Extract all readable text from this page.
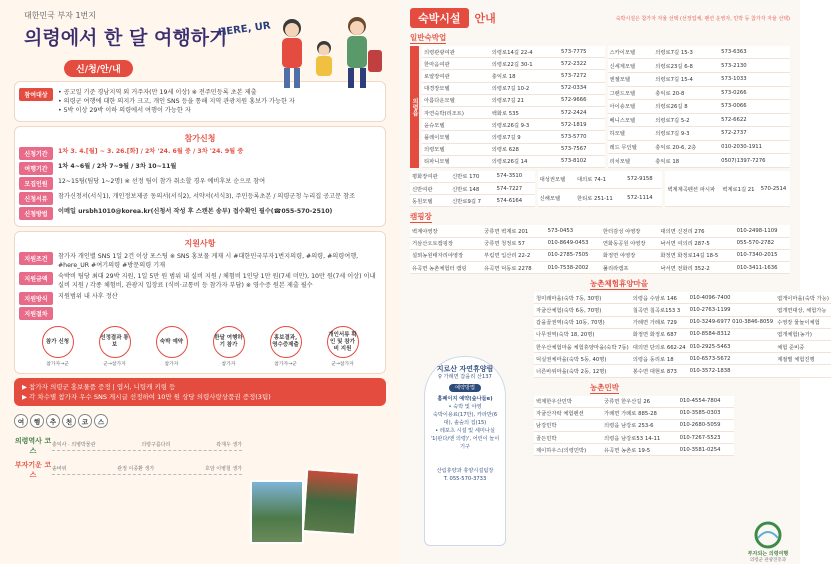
대한민국 부자 1번지
의령에서 한 달 여행하기
HERE, UR
신/청/안/내
참여대상	• 공고일 기준 경남지역 외 거주자(만 19세 이상) ※ 전주민등록 초본 제출
• 의령군 여행에 대한 의지가 크고, 개인 SNS 등을 통해 지역 관광지원 홍보가 가능한 자
• 5박 이상 29박 이하 의령에서 여행이 가능한 자
참가신청
신청기간	1차 3. 4.[월] ~ 3. 26.[화] / 2차 '24. 6월 중 / 3차 '24. 9월 중
여행기간	1차 4~6월 / 2차 7~9월 / 3차 10~11월
모집인원	12~15팀(팀당 1~2명) ※ 선정 팀이 참가 취소할 경우 예비후보 순으로 참여
신청서류	참가신청서(서식1), 개인정보제공 동의서(서식2), 서약서(서식3), 주민등록초본 / 의령군청 누리집 공고문 참조
신청방법	이메일 ursbh1010@korea.kr(신청서 작성 후 스캔본 송부) 접수확인 필수(☎055-570-2510)
지원사항
지원조건	참가자 개인별 SNS 1일 2건 이상 포스팅 ※ SNS 홍보물 게재 시 #대한민국부자1번지의령, #의령, #의령여행, #here_UR #여기의령 #방문의령 기재
지원금액	숙박비 팀당 최대 29박 지원, 1일 5만 원 범위 내 실비 지원 / 체험비 1인당 1만 원(7세 미만), 10만 원(7세 이상) 이내 실비 지원 / 각종 체험비, 관광지 입장료 (식비·교통비 등 참가자 부담) ※ 영수증 원본 제출 필수
지원방식	지원범위 내 사후 정산
지원절차
참가 신청
참가자→군
선정결과 통보
군→참가자
숙박 예약
참가자
한달 여행하기 참가
참가자
홍보결과, 영수증제출
참가자→군
개인서류 확인 및 참가비 지원
군→참가자
▶ 참가자 의령군 홍보물품 증정 | 엽서, 니팅캐 키링 등
▶ 각 차수별 참가자 우수 SNS 게시글 선정하여 10만 원 상당 의령사랑상품권 증정(3팀)
여	행	추	천	코	스
의령역사 코스
충익사 · 의병박물관	의령구름다리	곽재우 생가
부자기운 코스
솥바위	관정 이종환 생가	호암 이병철 생가
숙박시설	안내	숙박시설은 참가자 자율 선택 (선정업체, 펜션 운영자, 민박 등 참가자 자율 선택)
일반숙박업
의령읍
의령관광여관	의령로14길 22-4	573-7775
한마음여관	의령로22길 30-1	572-2322
로얄장여관	충익로 18	573-7272
대경장모텔	의령로7길 10-2	572-0334
아름다운모텔	의령로7길 21	572-9666
자연숙박(리조트)	백화로 535	572-2424
윤슈모텔	의령로26길 9-3	572-1819
플레이모텔	의령로7길 9	573-5770
의령모텔	의령로 628	573-7567
티파니모텔	의령로26길 14	573-8102
스카이모텔	의령로7길 15-3	573-6363
신세계모텔	의령로23길 6-8	573-2130
엔젤모텔	의령로7길 15-4	573-1033
그랜드모텔	충익로 20-8	573-0266
아이숑모텔	의령로26길 8	573-0066
베니스모텔	의령로7길 5-2	572-6622
하모텔	의령로7길 9-3	572-2737
레드 무인텔	충익로 20-6, 2층	010-2030-1911
리치모텔	충익로 18	0507)1397-7276
평화장여관	신반로 170	574-3510
신반여관	신반로 148	574-7227
동원모텔	신반로9길 7	574-6164
대성권모텔	대의로 74-1	572-9158
신해모텔	한티로 251-11	572-1114
벽계계곡펜션 파시파	벽계로1길 21	570-2514
캠핑장
벽계야영장	궁류면 벽계로 201	573-0453	한터감성 야영장	대의면 신전리 276	010-2498-1109
거삼산오토캠핑장	궁류면 청정로 57	010-8649-0453	연화동공원 야영장	낙서면 여의리 287-5	055-570-2782
설뫼농원태자리야영장	부림면 입산리 22-2	010-2785-7505	화정면 야영장	화정면 화정로14길 18-5	010-7340-2015
유곡면 농촌체험터 캠핑	유곡면 덕동로 2278	010-7538-2002	풀리라캠프	낙서면 전화리 352-2	010-3411-1636
농촌체험휴양마을
청미래마을(숙박 7동, 30명)	의령읍 수암로 146	010-4096-7400	엽개이마을(숙박 가능)
자굴산체험(숙박 6동, 70명)	칠곡면 칠곡로153 3	010-2763-1199	엽개면대상, 체험가능
갑을골권역(숙박 10동, 70명)	가례면 가례로 729	010-3249-6977 010-3846-8059	수영장 물놀이체험
나무권역(숙박 18, 20명)	화정면 화정로 687	010-8584-8312	엽개체험(농가)
한우산체험마을 체험휴양마을(숙박 7동)	대의면 단의로 662-24	010-2925-5463	체험 준비중
덕실권체마을(숙박 5동, 40명)	의령읍 동리로 18	010-6573-5672	계절별 체험진행
너른바위마을(숙박 2동, 12명)	봉수면 대현로 873	010-3572-1838	
농촌민박
벽계한우산민박	궁류면 한우산길 26	010-4554-7804
자굴산자락 체험펜션	가례면 가례로 885-28	010-3585-0303
남강민박	의령읍 남강로 253-6	010-2680-5059
골든민박	의령읍 남강로53 14-11	010-7267-5523
제이하우스(의령민박)	유곡면 농촌로 19-5	010-3581-0254
부자되는 의령여행
의령군 관광진흥과
지로산 자연휴양림
♀ 가례면 갑을리 산137
예약방법
홈페이지 예약(숲나들e)
• 숙박 및 야영
숙박이용료(17만), 카라반(6대), 솔숲의 집(15)
• 레포츠 시설 및 세미나실
'1(판다/엔 의령)', 어린이 놀이기구
산림휴양과 휴양시설팀장
T. 055-570-3733
